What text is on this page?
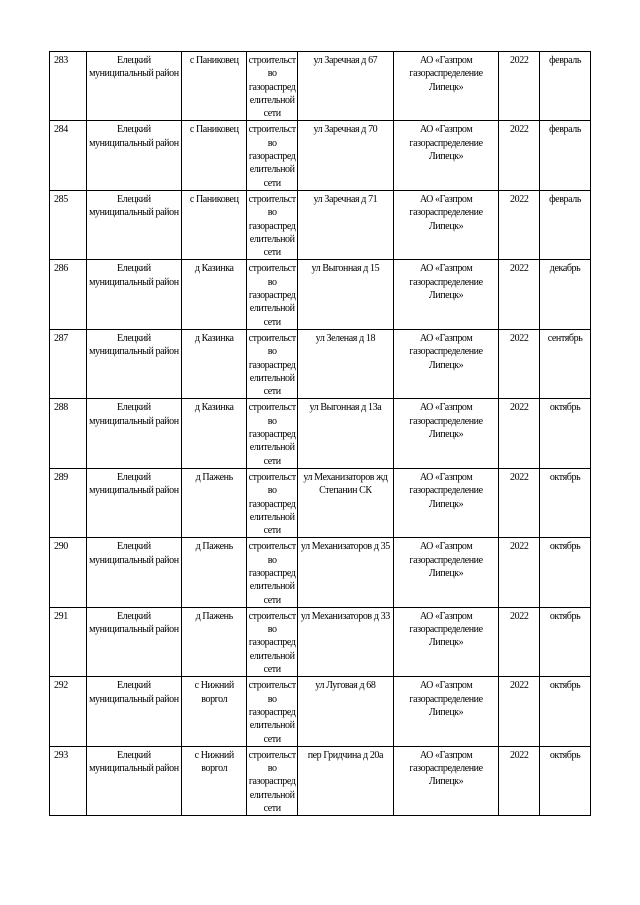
283	Елецкий муниципальный район	с Паниковец	строительство газораспределительной сети	ул Заречная д 67	АО «Газпром газораспределение Липецк»	2022	февраль
284	Елецкий муниципальный район	с Паниковец	строительство газораспределительной сети	ул Заречная д 70	АО «Газпром газораспределение Липецк»	2022	февраль
285	Елецкий муниципальный район	с Паниковец	строительство газораспределительной сети	ул Заречная д 71	АО «Газпром газораспределение Липецк»	2022	февраль
286	Елецкий муниципальный район	д Казинка	строительство газораспределительной сети	ул Выгонная д 15	АО «Газпром газораспределение Липецк»	2022	декабрь
287	Елецкий муниципальный район	д Казинка	строительство газораспределительной сети	ул Зеленая д 18	АО «Газпром газораспределение Липецк»	2022	сентябрь
288	Елецкий муниципальный район	д Казинка	строительство газораспределительной сети	ул Выгонная д 13а	АО «Газпром газораспределение Липецк»	2022	октябрь
289	Елецкий муниципальный район	д Пажень	строительство газораспределительной сети	ул Механизаторов жд Степанин СК	АО «Газпром газораспределение Липецк»	2022	октябрь
290	Елецкий муниципальный район	д Пажень	строительство газораспределительной сети	ул Механизаторов д 35	АО «Газпром газораспределение Липецк»	2022	октябрь
291	Елецкий муниципальный район	д Пажень	строительство газораспределительной сети	ул Механизаторов д 33	АО «Газпром газораспределение Липецк»	2022	октябрь
292	Елецкий муниципальный район	с Нижний воргол	строительство газораспределительной сети	ул Луговая д 68	АО «Газпром газораспределение Липецк»	2022	октябрь
293	Елецкий муниципальный район	с Нижний воргол	строительство газораспределительной сети	пер Гридчина д 20а	АО «Газпром газораспределение Липецк»	2022	октябрь
